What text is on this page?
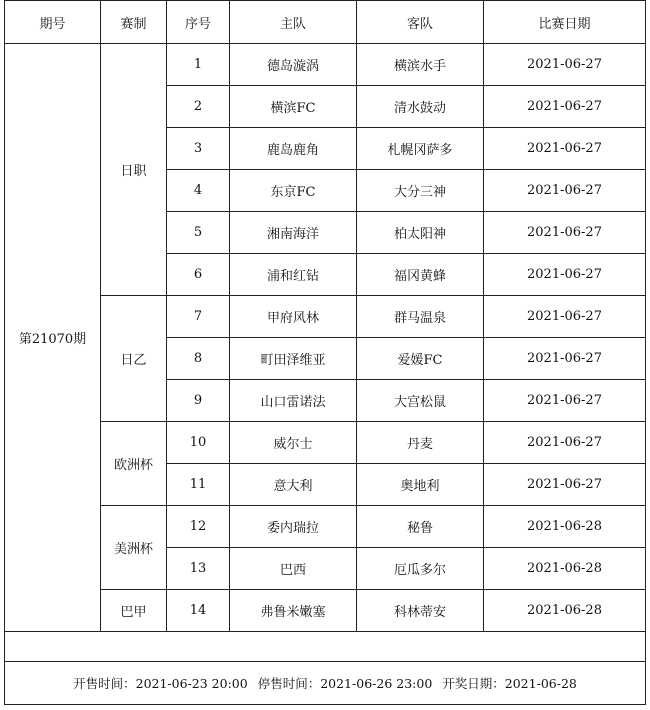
期号	赛制	序号	主队	客队	比赛日期
第21070期	日职	1	德岛漩涡	横滨水手	2021-06-27
		2	横滨FC	清水鼓动	2021-06-27
		3	鹿岛鹿角	札幌冈萨多	2021-06-27
		4	东京FC	大分三神	2021-06-27
		5	湘南海洋	柏太阳神	2021-06-27
		6	浦和红钻	福冈黄蜂	2021-06-27
	日乙	7	甲府风林	群马温泉	2021-06-27
		8	町田泽维亚	爱媛FC	2021-06-27
		9	山口雷诺法	大宫松鼠	2021-06-27
	欧洲杯	10	威尔士	丹麦	2021-06-27
		11	意大利	奥地利	2021-06-27
	美洲杯	12	委内瑞拉	秘鲁	2021-06-28
		13	巴西	厄瓜多尔	2021-06-28
	巴甲	14	弗鲁米嫩塞	科林蒂安	2021-06-28

开售时间：2021-06-23 20:00 停售时间：2021-06-26 23:00 开奖日期：2021-06-28					
